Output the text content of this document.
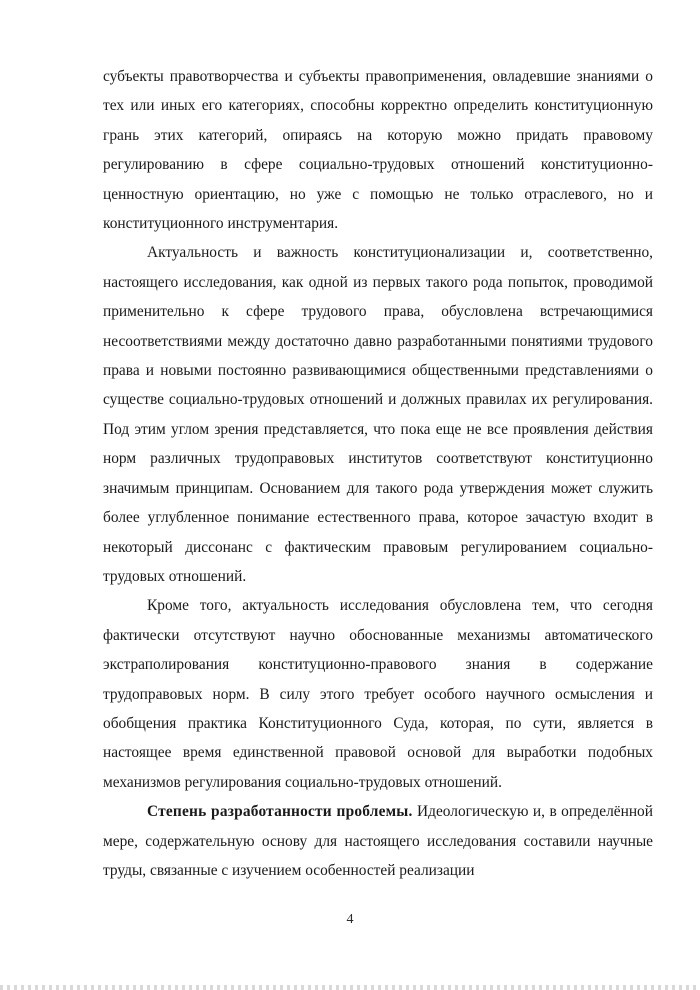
субъекты правотворчества и субъекты правоприменения, овладевшие знаниями о тех или иных его категориях, способны корректно определить конституционную грань этих категорий, опираясь на которую можно придать правовому регулированию в сфере социально-трудовых отношений конституционно-ценностную ориентацию, но уже с помощью не только отраслевого, но и конституционного инструментария.

Актуальность и важность конституционализации и, соответственно, настоящего исследования, как одной из первых такого рода попыток, проводимой применительно к сфере трудового права, обусловлена встречающимися несоответствиями между достаточно давно разработанными понятиями трудового права и новыми постоянно развивающимися общественными представлениями о существе социально-трудовых отношений и должных правилах их регулирования. Под этим углом зрения представляется, что пока еще не все проявления действия норм различных трудоправовых институтов соответствуют конституционно значимым принципам. Основанием для такого рода утверждения может служить более углубленное понимание естественного права, которое зачастую входит в некоторый диссонанс с фактическим правовым регулированием социально-трудовых отношений.

Кроме того, актуальность исследования обусловлена тем, что сегодня фактически отсутствуют научно обоснованные механизмы автоматического экстраполирования конституционно-правового знания в содержание трудоправовых норм. В силу этого требует особого научного осмысления и обобщения практика Конституционного Суда, которая, по сути, является в настоящее время единственной правовой основой для выработки подобных механизмов регулирования социально-трудовых отношений.

Степень разработанности проблемы. Идеологическую и, в определённой мере, содержательную основу для настоящего исследования составили научные труды, связанные с изучением особенностей реализации

4
